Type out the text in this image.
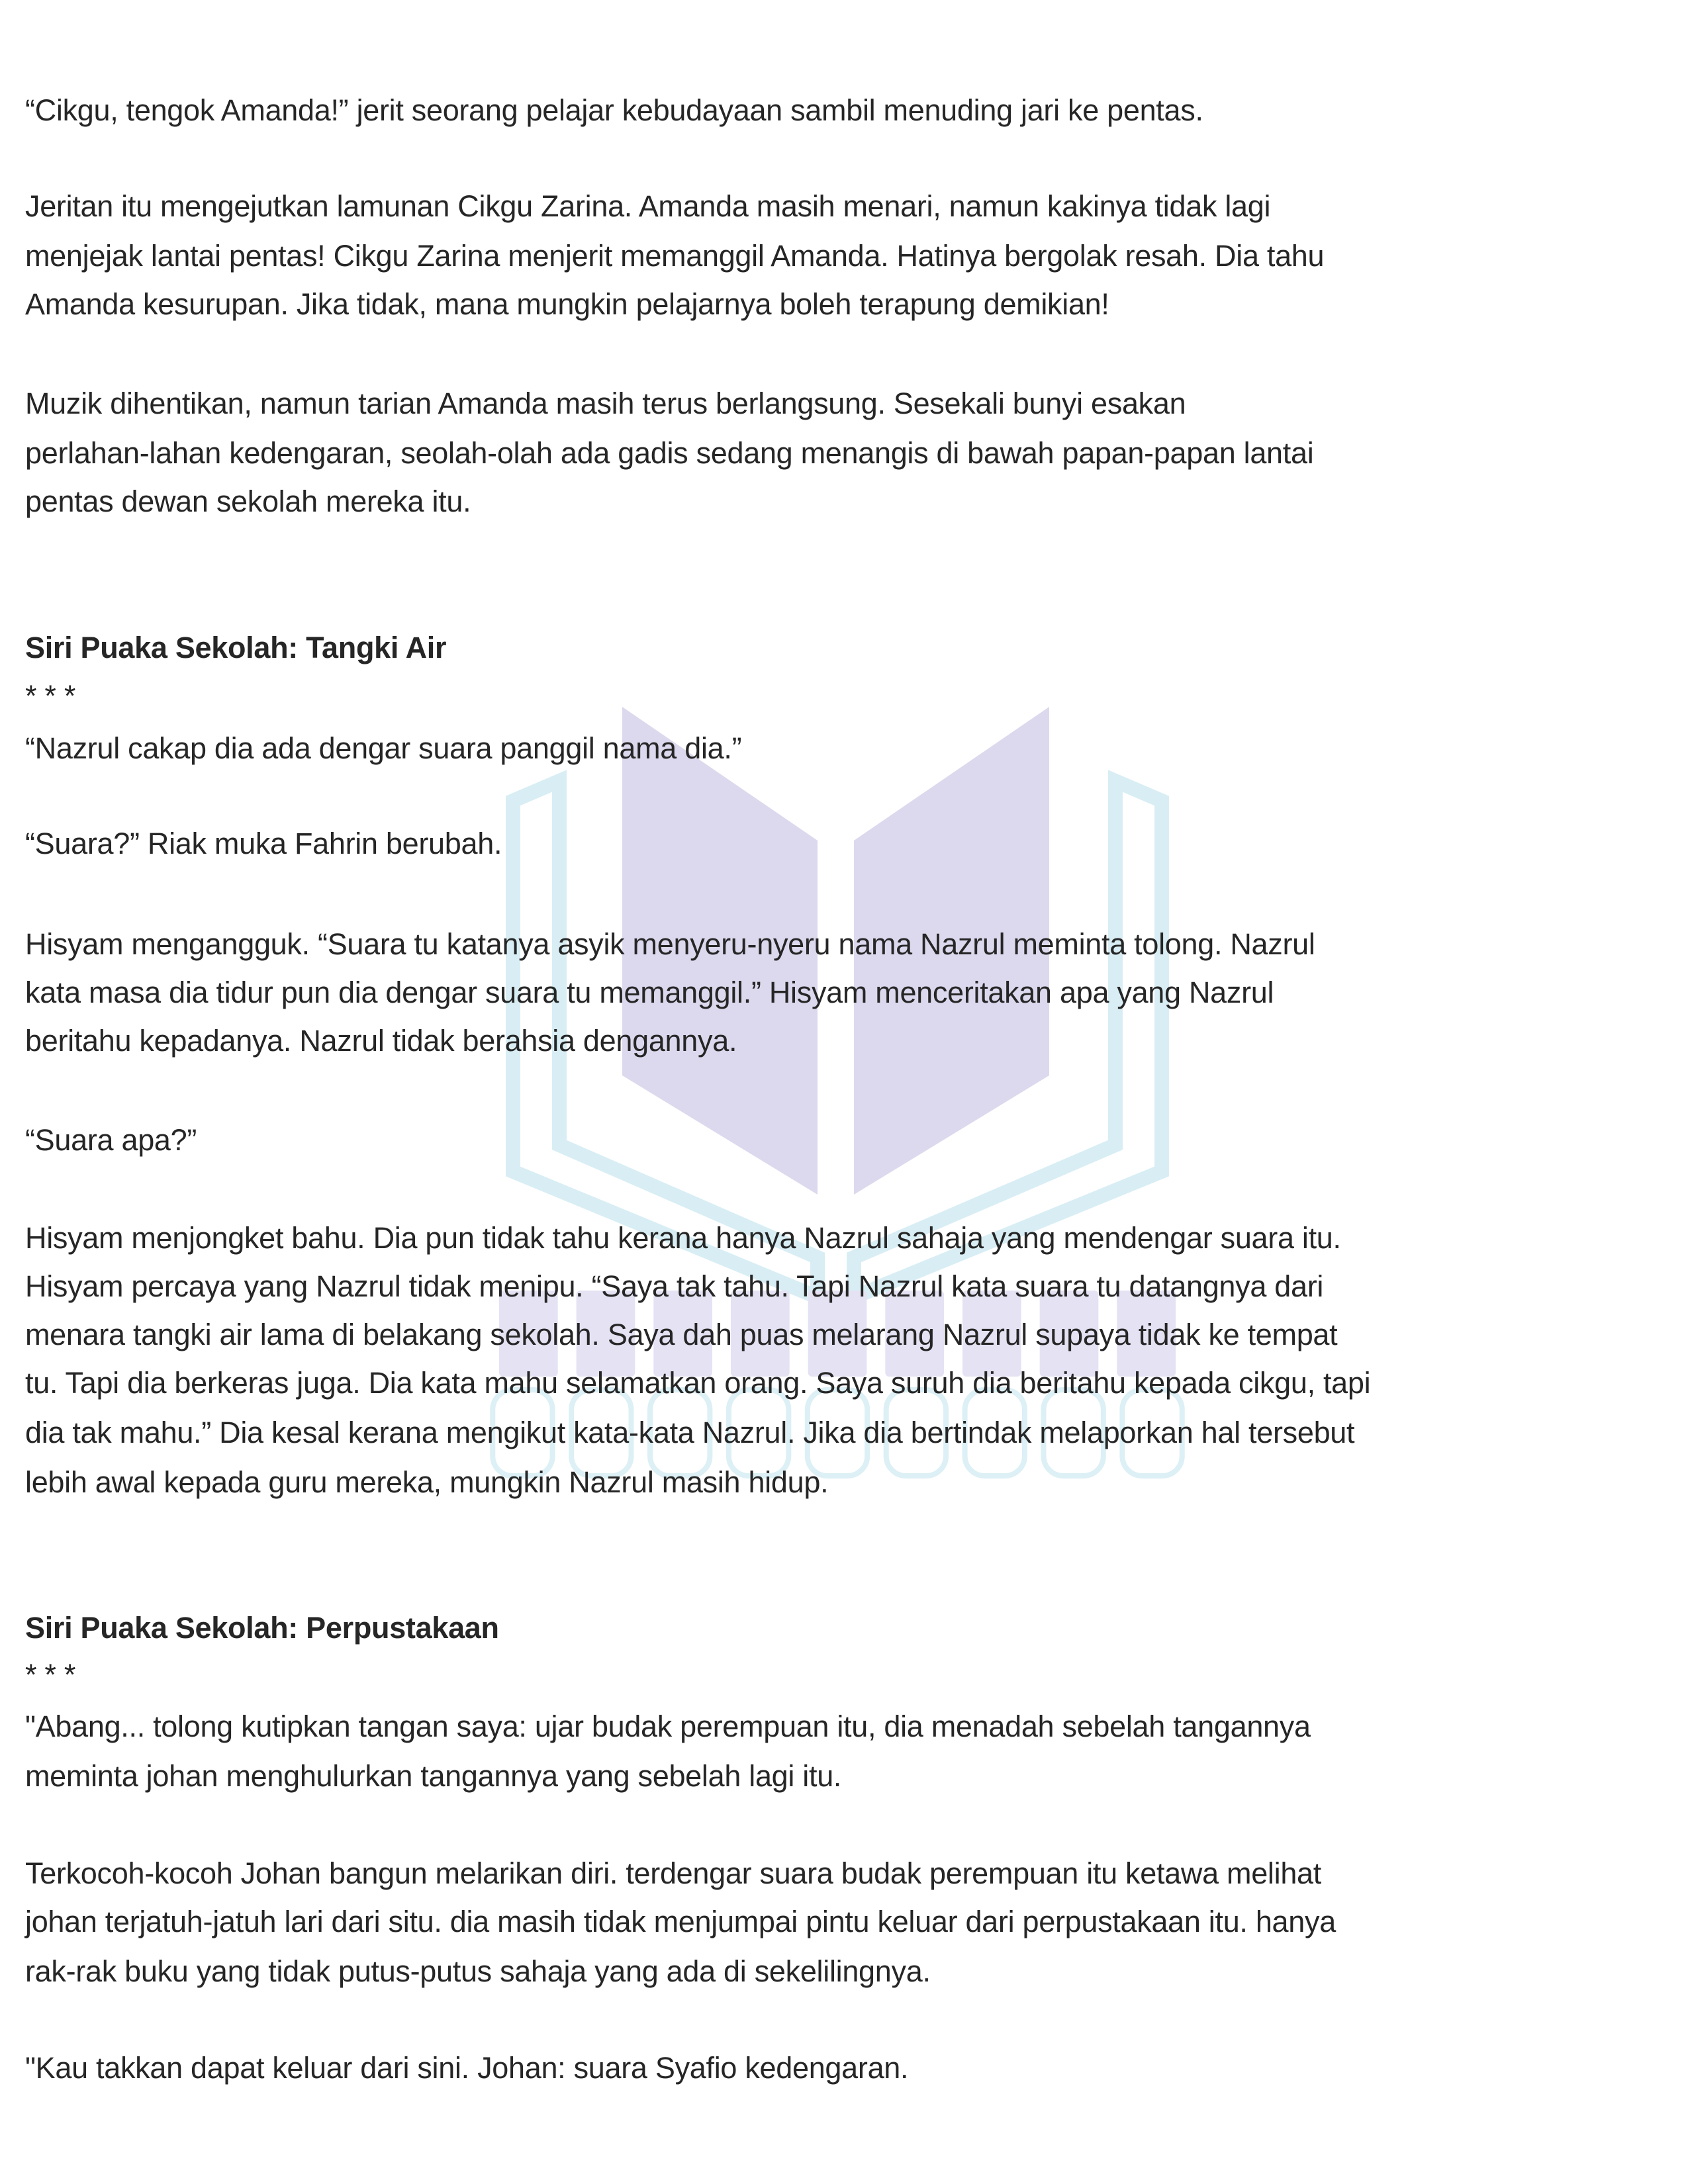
“Cikgu, tengok Amanda!” jerit seorang pelajar kebudayaan sambil menuding jari ke pentas.
Jeritan itu mengejutkan lamunan Cikgu Zarina. Amanda masih menari, namun kakinya tidak lagi
menjejak lantai pentas! Cikgu Zarina menjerit memanggil Amanda. Hatinya bergolak resah. Dia tahu
Amanda kesurupan. Jika tidak, mana mungkin pelajarnya boleh terapung demikian!
Muzik dihentikan, namun tarian Amanda masih terus berlangsung. Sesekali bunyi esakan
perlahan-lahan kedengaran, seolah-olah ada gadis sedang menangis di bawah papan-papan lantai
pentas dewan sekolah mereka itu.
Siri Puaka Sekolah: Tangki Air
* * *
“Nazrul cakap dia ada dengar suara panggil nama dia.”
“Suara?” Riak muka Fahrin berubah.
Hisyam mengangguk. “Suara tu katanya asyik menyeru-nyeru nama Nazrul meminta tolong. Nazrul
kata masa dia tidur pun dia dengar suara tu memanggil.” Hisyam menceritakan apa yang Nazrul
beritahu kepadanya. Nazrul tidak berahsia dengannya.
“Suara apa?”
Hisyam menjongket bahu. Dia pun tidak tahu kerana hanya Nazrul sahaja yang mendengar suara itu.
Hisyam percaya yang Nazrul tidak menipu. “Saya tak tahu. Tapi Nazrul kata suara tu datangnya dari
menara tangki air lama di belakang sekolah. Saya dah puas melarang Nazrul supaya tidak ke tempat
tu. Tapi dia berkeras juga. Dia kata mahu selamatkan orang. Saya suruh dia beritahu kepada cikgu, tapi
dia tak mahu.” Dia kesal kerana mengikut kata-kata Nazrul. Jika dia bertindak melaporkan hal tersebut
lebih awal kepada guru mereka, mungkin Nazrul masih hidup.
Siri Puaka Sekolah: Perpustakaan
* * *
"Abang... tolong kutipkan tangan saya: ujar budak perempuan itu, dia menadah sebelah tangannya
meminta johan menghulurkan tangannya yang sebelah lagi itu.
Terkocoh-kocoh Johan bangun melarikan diri. terdengar suara budak perempuan itu ketawa melihat
johan terjatuh-jatuh lari dari situ. dia masih tidak menjumpai pintu keluar dari perpustakaan itu. hanya
rak-rak buku yang tidak putus-putus sahaja yang ada di sekelilingnya.
"Kau takkan dapat keluar dari sini. Johan: suara Syafio kedengaran.
